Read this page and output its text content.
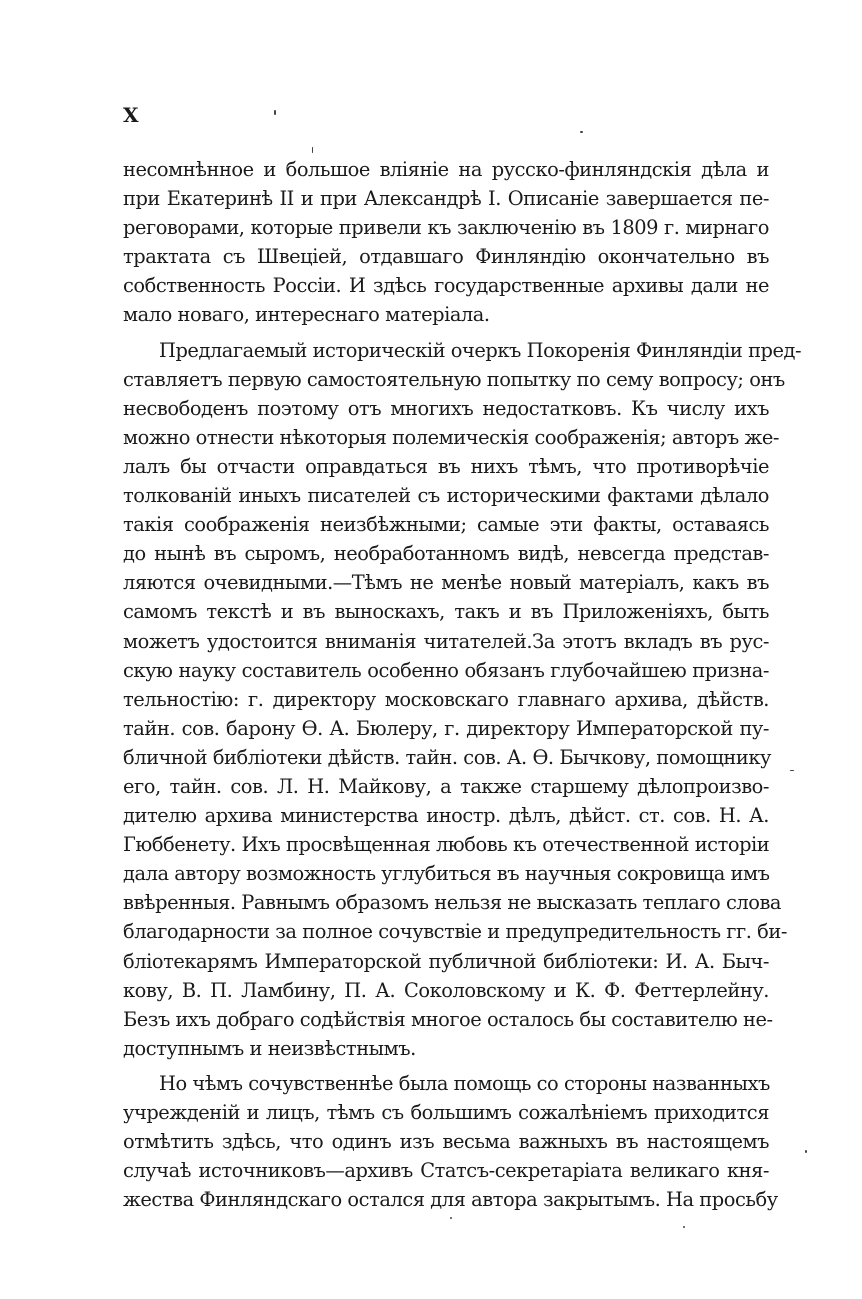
X

несомнѣнное и большое вліяніе на русско-финляндскія дѣла и
при Екатеринѣ II и при Александрѣ I. Описаніе завершается пе-
реговорами, которые привели къ заключенію въ 1809 г. мирнаго
трактата съ Швеціей, отдавшаго Финляндію окончательно въ
собственность Россіи. И здѣсь государственные архивы дали не
мало новаго, интереснаго матеріала.
Предлагаемый историческій очеркъ Покоренія Финляндіи пред-
ставляетъ первую самостоятельную попытку по сему вопросу; онъ
несвободенъ поэтому отъ многихъ недостатковъ. Къ числу ихъ
можно отнести нѣкоторыя полемическія соображенія; авторъ же-
лалъ бы отчасти оправдаться въ нихъ тѣмъ, что противорѣчіе
толкованій иныхъ писателей съ историческими фактами дѣлало
такія соображенія неизбѣжными; самые эти факты, оставаясь
до нынѣ въ сыромъ, необработанномъ видѣ, невсегда представ-
ляются очевидными.—Тѣмъ не менѣе новый матеріалъ, какъ въ
самомъ текстѣ и въ выноскахъ, такъ и въ Приложеніяхъ, быть
можетъ удостоится вниманія читателей.За этотъ вкладъ въ рус-
скую науку составитель особенно обязанъ глубочайшею призна-
тельностію: г. директору московскаго главнаго архива, дѣйств.
тайн. сов. барону Ѳ. А. Бюлеру, г. директору Императорской пу-
бличной библіотеки дѣйств. тайн. сов. А. Ѳ. Бычкову, помощнику
его, тайн. сов. Л. Н. Майкову, а также старшему дѣлопроизво-
дителю архива министерства иностр. дѣлъ, дѣйст. ст. сов. Н. А.
Гюббенету. Ихъ просвѣщенная любовь къ отечественной исторіи
дала автору возможность углубиться въ научныя сокровища имъ
ввѣренныя. Равнымъ образомъ нельзя не высказать теплаго слова
благодарности за полное сочувствіе и предупредительность гг. би-
бліотекарямъ Императорской публичной библіотеки: И. А. Быч-
кову, В. П. Ламбину, П. А. Соколовскому и К. Ф. Феттерлейну.
Безъ ихъ добраго содѣйствія многое осталось бы составителю не-
доступнымъ и неизвѣстнымъ.
Но чѣмъ сочувственнѣе была помощь со стороны названныхъ
учрежденій и лицъ, тѣмъ съ большимъ сожалѣніемъ приходится
отмѣтить здѣсь, что одинъ изъ весьма важныхъ въ настоящемъ
случаѣ источниковъ—архивъ Статсъ-секретаріата великаго кня-
жества Финляндскаго остался для автора закрытымъ. На просьбу
